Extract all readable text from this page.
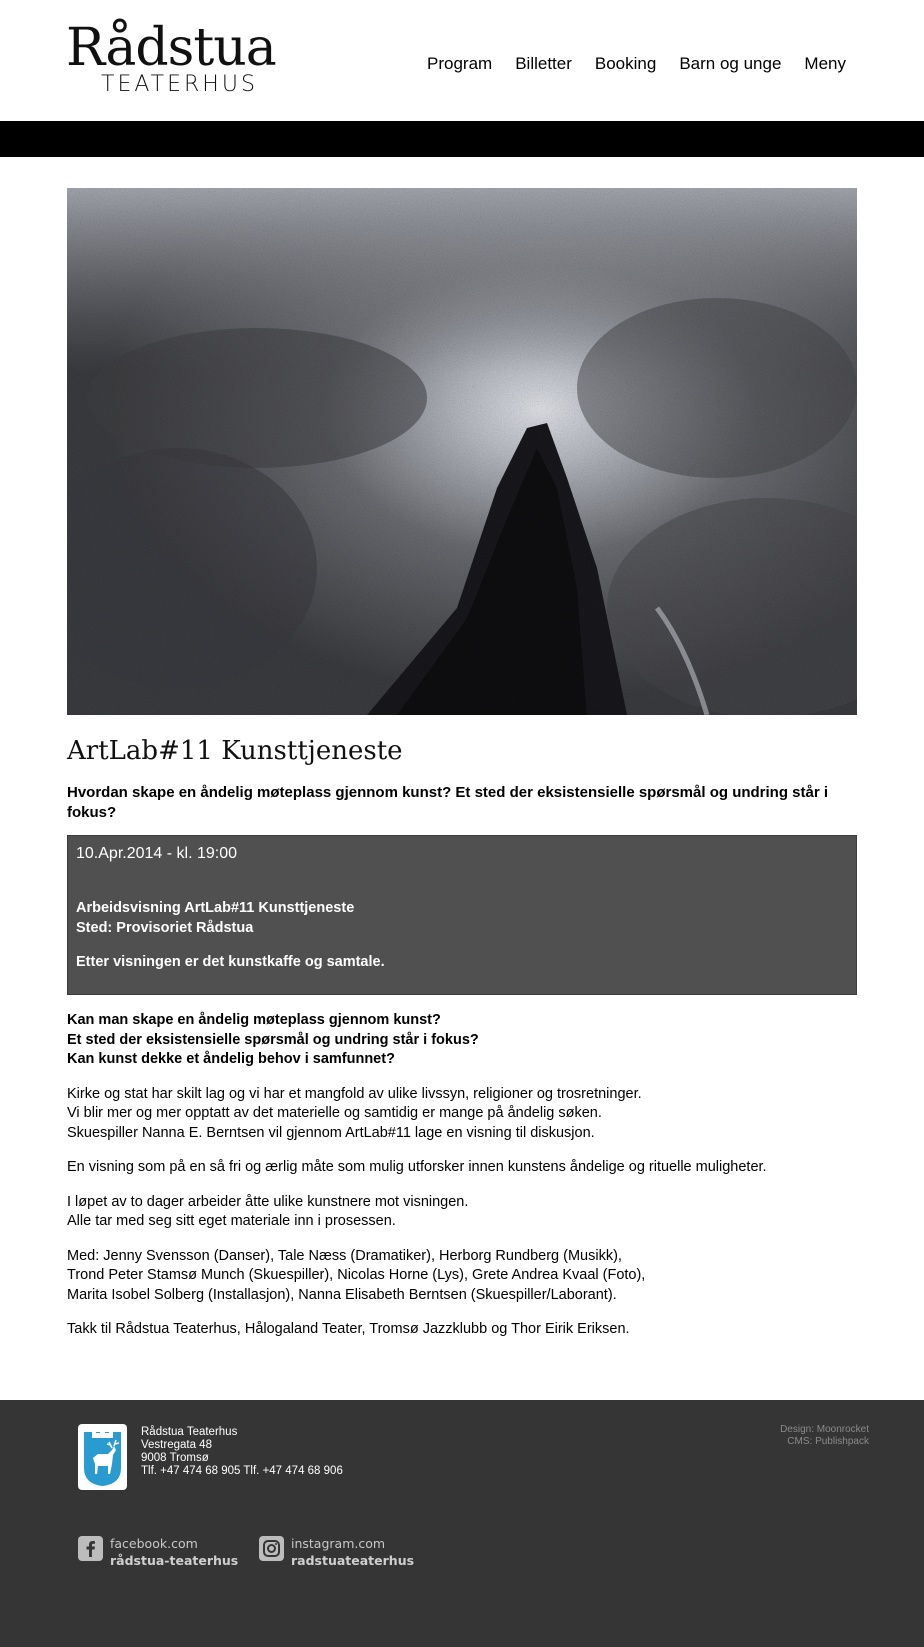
Rådstua
TEATERHUS
Program Billetter Booking Barn og unge Meny
ArtLab#11 Kunsttjeneste

Hvordan skape en åndelig møteplass gjennom kunst? Et sted der eksistensielle spørsmål og undring står i fokus?

10.Apr.2014 - kl. 19:00
Arbeidsvisning ArtLab#11 Kunsttjeneste
Sted: Provisoriet Rådstua
Etter visningen er det kunstkaffe og samtale.
Kan man skape en åndelig møteplass gjennom kunst?
Et sted der eksistensielle spørsmål og undring står i fokus?
Kan kunst dekke et åndelig behov i samfunnet?
Kirke og stat har skilt lag og vi har et mangfold av ulike livssyn, religioner og trosretninger.
Vi blir mer og mer opptatt av det materielle og samtidig er mange på åndelig søken.
Skuespiller Nanna E. Berntsen vil gjennom ArtLab#11 lage en visning til diskusjon.
En visning som på en så fri og ærlig måte som mulig utforsker innen kunstens åndelige og rituelle muligheter.
I løpet av to dager arbeider åtte ulike kunstnere mot visningen.
Alle tar med seg sitt eget materiale inn i prosessen.
Med: Jenny Svensson (Danser), Tale Næss (Dramatiker), Herborg Rundberg (Musikk),
Trond Peter Stamsø Munch (Skuespiller), Nicolas Horne (Lys), Grete Andrea Kvaal (Foto),
Marita Isobel Solberg (Installasjon), Nanna Elisabeth Berntsen (Skuespiller/Laborant).
Takk til Rådstua Teaterhus, Hålogaland Teater, Tromsø Jazzklubb og Thor Eirik Eriksen.
Rådstua Teaterhus
Vestregata 48
9008 Tromsø
Tlf. +47 474 68 905 Tlf. +47 474 68 906
Design: Moonrocket
CMS: Publishpack
facebook.com
rådstua-teaterhus
instagram.com
radstuateaterhus
